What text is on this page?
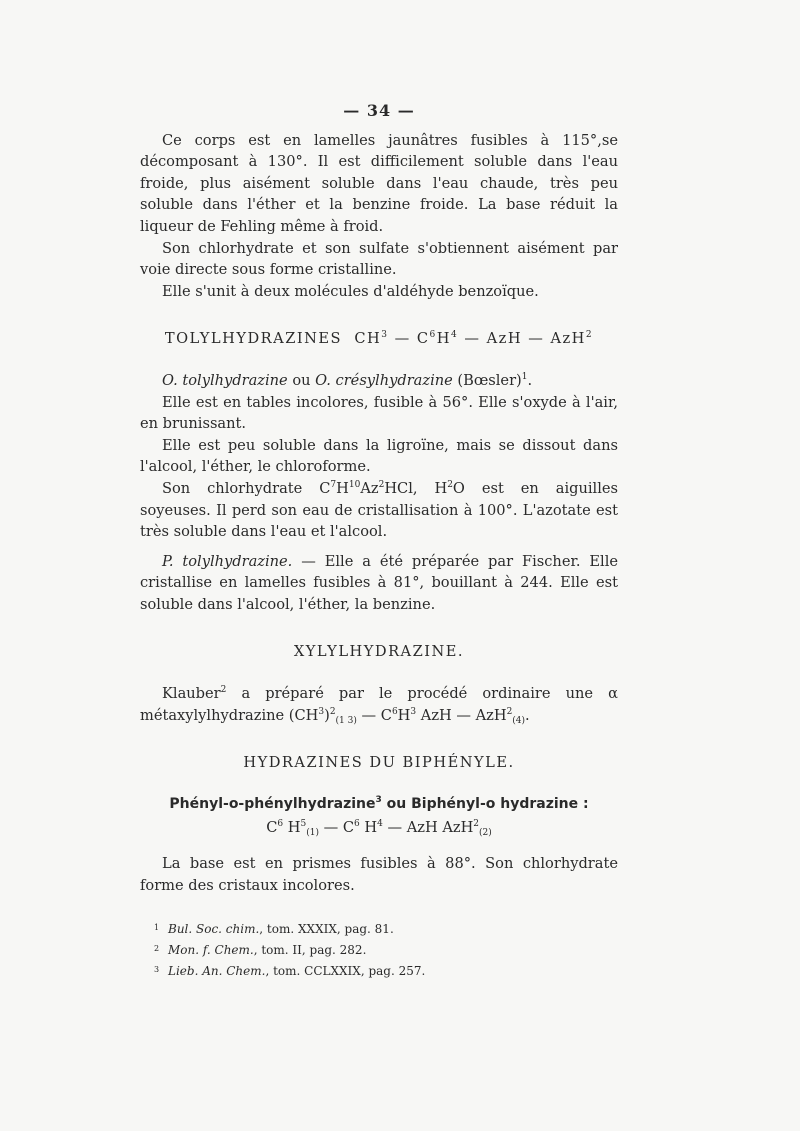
— 34 —

Ce corps est en lamelles jaunâtres fusibles à 115°,se décomposant à 130°. Il est difficilement soluble dans l'eau froide, plus aisément soluble dans l'eau chaude, très peu soluble dans l'éther et la benzine froide. La base réduit la liqueur de Fehling même à froid.

Son chlorhydrate et son sulfate s'obtiennent aisément par voie directe sous forme cristalline.

Elle s'unit à deux molécules d'aldéhyde benzoïque.

TOLYLHYDRAZINES $CH^3$ — $C^6H^4$ — AzH — AzH$^2$

O. tolylhydrazine ou O. crésylhydrazine (Bœsler)$^1$.

Elle est en tables incolores, fusible à 56°. Elle s'oxyde à l'air, en brunissant.

Elle est peu soluble dans la ligroïne, mais se dissout dans l'alcool, l'éther, le chloroforme.

Son chlorhydrate $C^7H^{10}Az^2HCl$, $H^2O$ est en aiguilles soyeuses. Il perd son eau de cristallisation à 100°. L'azotate est très soluble dans l'eau et l'alcool.

P. tolylhydrazine. — Elle a été préparée par Fischer. Elle cristallise en lamelles fusibles à 81°, bouillant à 244. Elle est soluble dans l'alcool, l'éther, la benzine.

XYLYLHYDRAZINE.

Klauber$^2$ a préparé par le procédé ordinaire une α métaxylylhydrazine $(CH^3)^2_{(1 3)}$ — $C^6H^3$ AzH — AzH$^2_{(4)}$.

HYDRAZINES DU BIPHÉNYLE.
Phényl-o-phénylhydrazine$^3$ ou Biphényl-o hydrazine :
$C^6$ $H^5_{(1)}$ — $C^6$ $H^4$ — AzH AzH$^2_{(2)}$

La base est en prismes fusibles à 88°. Son chlorhydrate forme des cristaux incolores.

1 Bul. Soc. chim., tom. XXXIX, pag. 81.
2 Mon. f. Chem., tom. II, pag. 282.
3 Lieb. An. Chem., tom. CCLXXIX, pag. 257.
